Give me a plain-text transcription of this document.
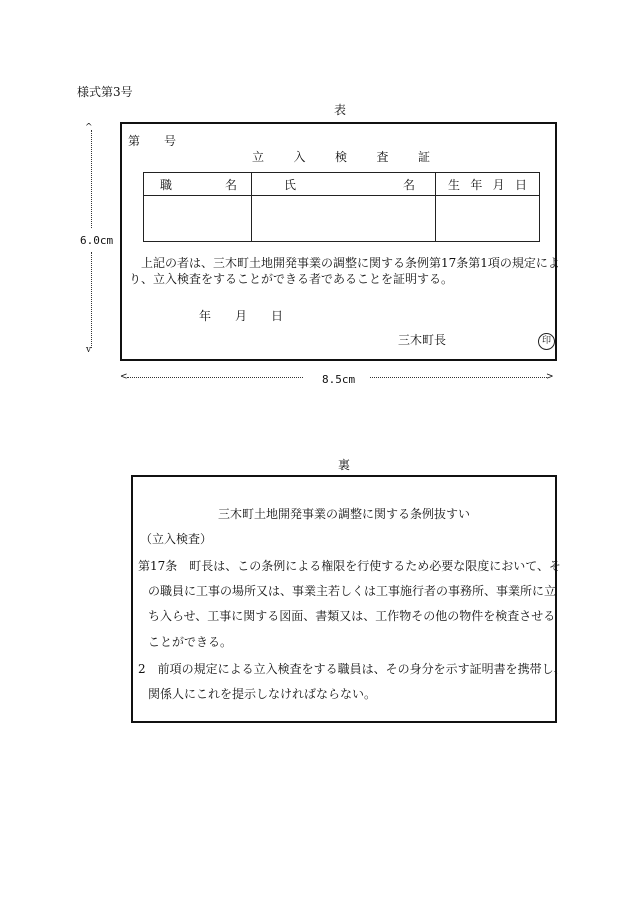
様式第3号
表
^
6.0cm
v
第 号
立 入 検 査 証
職 名	氏 名	生 年 月 日

上記の者は、三木町土地開発事業の調整に関する条例第17条第1項の規定によ
り、立入検査をすることができる者であることを証明する。
年 月 日
三木町長	印
<	8.5cm	>
裏
三木町土地開発事業の調整に関する条例抜すい
（立入検査）
第17条　町長は、この条例による権限を行使するため必要な限度において、そ
の職員に工事の場所又は、事業主若しくは工事施行者の事務所、事業所に立
ち入らせ、工事に関する図面、書類又は、工作物その他の物件を検査させる
ことができる。
2　前項の規定による立入検査をする職員は、その身分を示す証明書を携帯し、
関係人にこれを提示しなければならない。
